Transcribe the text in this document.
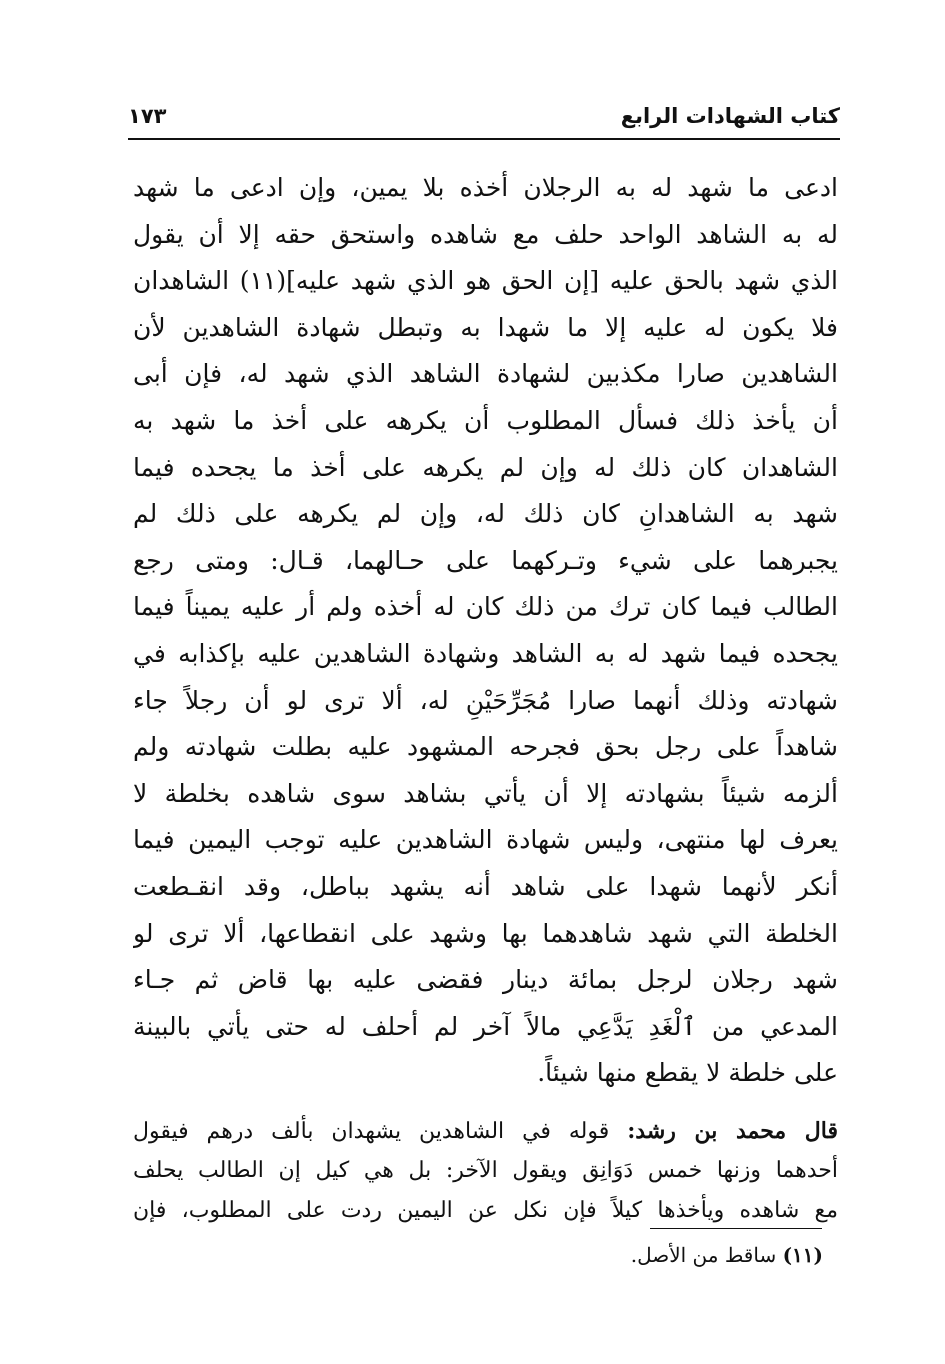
كتاب الشهادات الرابع
١٧٣
ادعى ما شهد له به الرجلان أخذه بلا يمين، وإن ادعى ما شهد
له به الشاهد الواحد حلف مع شاهده واستحق حقه إلا أن يقول
الذي شهد بالحق عليه [إن الحق هو الذي شهد عليه](١١) الشاهدان
فلا يكون له عليه إلا ما شهدا به وتبطل شهادة الشاهدين لأن
الشاهدين صارا مكذبين لشهادة الشاهد الذي شهد له، فإن أبى
أن يأخذ ذلك فسأل المطلوب أن يكرهه على أخذ ما شهد به
الشاهدان كان ذلك له وإن لم يكرهه على أخذ ما يجحده فيما
شهد به الشاهدانِ كان ذلك له، وإن لم يكرهه على ذلك لم
يجبرهما على شيء وتـركهما على حـالهما، قـال: ومتى رجع
الطالب فيما كان ترك من ذلك كان له أخذه ولم أر عليه يميناً فيما
يجحده فيما شهد له به الشاهد وشهادة الشاهدين عليه بإكذابه في
شهادته وذلك أنهما صارا مُجَرِّحَيْنِ له، ألا ترى لو أن رجلاً جاء
شاهداً على رجل بحق فجرحه المشهود عليه بطلت شهادته ولم
ألزمه شيئاً بشهادته إلا أن يأتي بشاهد سوى شاهده بخلطة لا
يعرف لها منتهى، وليس شهادة الشاهدين عليه توجب اليمين فيما
أنكر لأنهما شهدا على شاهد أنه يشهد بباطل، وقد انقـطعت
الخلطة التي شهد شاهدهما بها وشهد على انقطاعها، ألا ترى لو
شهد رجلان لرجل بمائة دينار فقضى عليه بها قاض ثم جـاء
المدعي من ٱلْغَدِ يَدَّعِي مالاً آخر لم أحلف له حتى يأتي بالبينة
على خلطة لا يقطع منها شيئاً.
قال محمد بن رشد: قوله في الشاهدين يشهدان بألف درهم فيقول
أحدهما وزنها خمس دَوَانِق ويقول الآخر: بل هي كيل إن الطالب يحلف
مع شاهده ويأخذها كيلاً فإن نكل عن اليمين ردت على المطلوب، فإن
(١١) ساقط من الأصل.
